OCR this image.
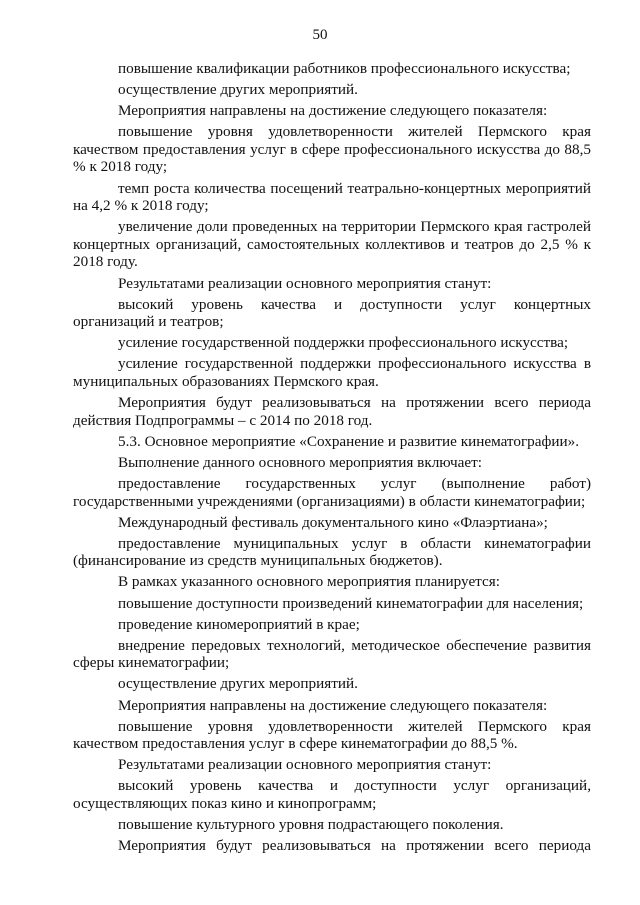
50

повышение квалификации работников профессионального искусства;

осуществление других мероприятий.

Мероприятия направлены на достижение следующего показателя:

повышение уровня удовлетворенности жителей Пермского края качеством предоставления услуг в сфере профессионального искусства до 88,5 % к 2018 году;

темп роста количества посещений театрально-концертных мероприятий на 4,2 % к 2018 году;

увеличение доли проведенных на территории Пермского края гастролей концертных организаций, самостоятельных коллективов и театров до 2,5 % к 2018 году.

Результатами реализации основного мероприятия станут:

высокий уровень качества и доступности услуг концертных организаций и театров;

усиление государственной поддержки профессионального искусства;

усиление государственной поддержки профессионального искусства в муниципальных образованиях Пермского края.

Мероприятия будут реализовываться на протяжении всего периода действия Подпрограммы – с 2014 по 2018 год.

5.3. Основное мероприятие «Сохранение и развитие кинематографии».

Выполнение данного основного мероприятия включает:

предоставление государственных услуг (выполнение работ) государственными учреждениями (организациями) в области кинематографии;

Международный фестиваль документального кино «Флаэртиана»;

предоставление муниципальных услуг в области кинематографии (финансирование из средств муниципальных бюджетов).

В рамках указанного основного мероприятия планируется:

повышение доступности произведений кинематографии для населения;

проведение киномероприятий в крае;

внедрение передовых технологий, методическое обеспечение развития сферы кинематографии;

осуществление других мероприятий.

Мероприятия направлены на достижение следующего показателя:

повышение уровня удовлетворенности жителей Пермского края качеством предоставления услуг в сфере кинематографии до 88,5 %.

Результатами реализации основного мероприятия станут:

высокий уровень качества и доступности услуг организаций, осуществляющих показ кино и кинопрограмм;

повышение культурного уровня подрастающего поколения.

Мероприятия будут реализовываться на протяжении всего периода
